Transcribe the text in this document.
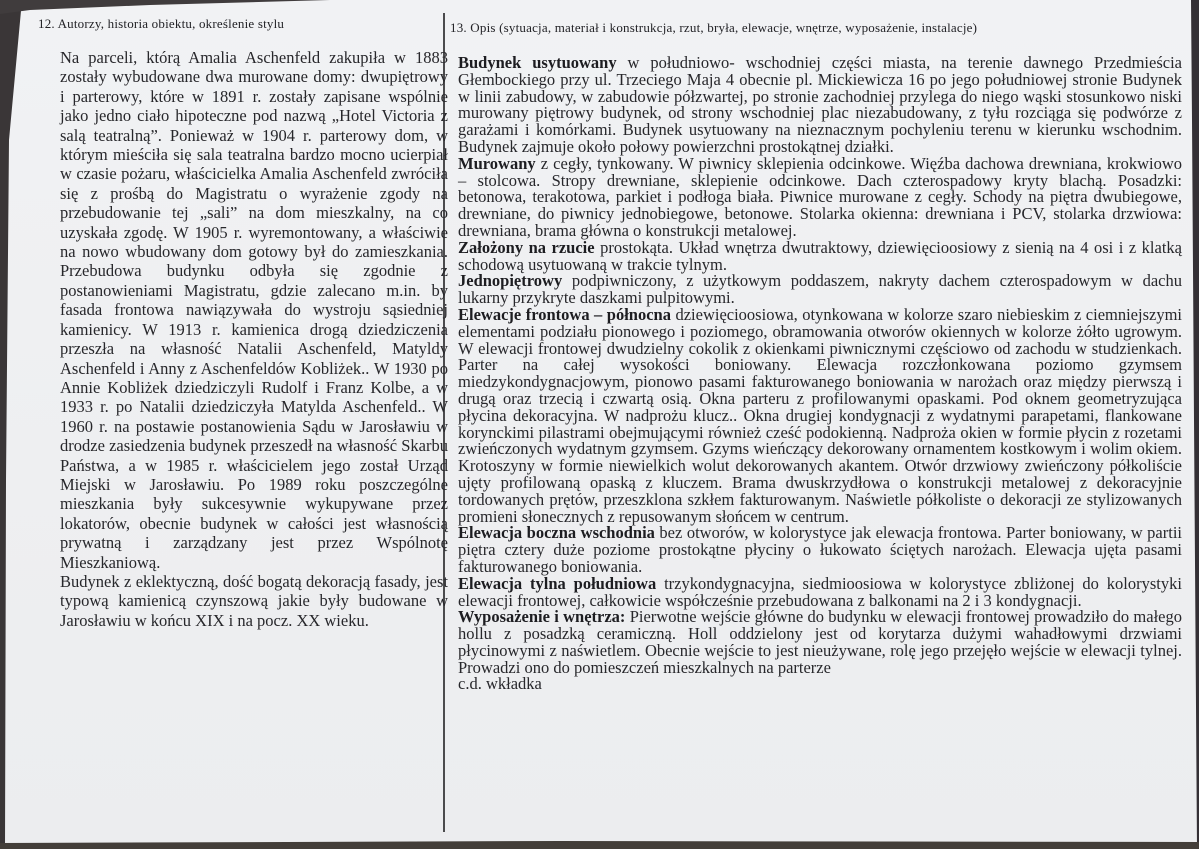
12. Autorzy, historia obiektu, określenie stylu

Na parceli, którą Amalia Aschenfeld zakupiła w 1883 zostały wybudowane dwa murowane domy: dwupiętrowy i parterowy, które w 1891 r. zostały zapisane wspólnie jako jedno ciało hipoteczne pod nazwą „Hotel Victoria z salą teatralną”. Ponieważ w 1904 r. parterowy dom, w którym mieściła się sala teatralna bardzo mocno ucierpiał w czasie pożaru, właścicielka Amalia Aschenfeld zwróciła się z prośbą do Magistratu o wyrażenie zgody na przebudowanie tej „sali” na dom mieszkalny, na co uzyskała zgodę. W 1905 r. wyremontowany, a właściwie na nowo wbudowany dom gotowy był do zamieszkania. Przebudowa budynku odbyła się zgodnie z postanowieniami Magistratu, gdzie zalecano m.in. by fasada frontowa nawiązywała do wystroju sąsiedniej kamienicy. W 1913 r. kamienica drogą dziedziczenia przeszła na własność Natalii Aschenfeld, Matyldy Aschenfeld i Anny z Aschenfeldów Kobliżek.. W 1930 po Annie Kobliżek dziedziczyli Rudolf i Franz Kolbe, a w 1933 r. po Natalii dziedziczyła Matylda Aschenfeld.. W 1960 r. na postawie postanowienia Sądu w Jarosławiu w drodze zasiedzenia budynek przeszedł na własność Skarbu Państwa, a w 1985 r. właścicielem jego został Urząd Miejski w Jarosławiu. Po 1989 roku poszczególne mieszkania były sukcesywnie wykupywane przez lokatorów, obecnie budynek w całości jest własnością prywatną i zarządzany jest przez Wspólnotę Mieszkaniową.

Budynek z eklektyczną, dość bogatą dekoracją fasady, jest typową kamienicą czynszową jakie były budowane w Jarosławiu w końcu XIX i na pocz. XX wieku.

13. Opis (sytuacja, materiał i konstrukcja, rzut, bryła, elewacje, wnętrze, wyposażenie, instalacje)

Budynek usytuowany w południowo- wschodniej części miasta, na terenie dawnego Przedmieścia Głembockiego przy ul. Trzeciego Maja 4 obecnie pl. Mickiewicza 16 po jego południowej stronie Budynek w linii zabudowy, w zabudowie półzwartej, po stronie zachodniej przylega do niego wąski stosunkowo niski murowany piętrowy budynek, od strony wschodniej plac niezabudowany, z tyłu rozciąga się podwórze z garażami i komórkami. Budynek usytuowany na nieznacznym pochyleniu terenu w kierunku wschodnim. Budynek zajmuje około połowy powierzchni prostokątnej działki.

Murowany z cegły, tynkowany. W piwnicy sklepienia odcinkowe. Więźba dachowa drewniana, krokwiowo – stolcowa. Stropy drewniane, sklepienie odcinkowe. Dach czterospadowy kryty blachą. Posadzki: betonowa, terakotowa, parkiet i podłoga biała. Piwnice murowane z cegły. Schody na piętra dwubiegowe, drewniane, do piwnicy jednobiegowe, betonowe. Stolarka okienna: drewniana i PCV, stolarka drzwiowa: drewniana, brama główna o konstrukcji metalowej.

Założony na rzucie prostokąta. Układ wnętrza dwutraktowy, dziewięcioosiowy z sienią na 4 osi i z klatką schodową usytuowaną w trakcie tylnym.

Jednopiętrowy podpiwniczony, z użytkowym poddaszem, nakryty dachem czterospadowym w dachu lukarny przykryte daszkami pulpitowymi.

Elewacje frontowa – północna dziewięcioosiowa, otynkowana w kolorze szaro niebieskim z ciemniejszymi elementami podziału pionowego i poziomego, obramowania otworów okiennych w kolorze żółto ugrowym. W elewacji frontowej dwudzielny cokolik z okienkami piwnicznymi częściowo od zachodu w studzienkach. Parter na całej wysokości boniowany. Elewacja rozczłonkowana poziomo gzymsem miedzykondygnacjowym, pionowo pasami fakturowanego boniowania w narożach oraz między pierwszą i drugą oraz trzecią i czwartą osią. Okna parteru z profilowanymi opaskami. Pod oknem geometryzująca płycina dekoracyjna. W nadprożu klucz.. Okna drugiej kondygnacji z wydatnymi parapetami, flankowane korynckimi pilastrami obejmującymi również cześć podokienną. Nadproża okien w formie płycin z rozetami zwieńczonych wydatnym gzymsem. Gzyms wieńczący dekorowany ornamentem kostkowym i wolim okiem. Krotoszyny w formie niewielkich wolut dekorowanych akantem. Otwór drzwiowy zwieńczony półkoliście ujęty profilowaną opaską z kluczem. Brama dwuskrzydłowa o konstrukcji metalowej z dekoracyjnie tordowanych prętów, przeszklona szkłem fakturowanym. Naświetle półkoliste o dekoracji ze stylizowanych promieni słonecznych z repusowanym słońcem w centrum.

Elewacja boczna wschodnia bez otworów, w kolorystyce jak elewacja frontowa. Parter boniowany, w partii piętra cztery duże poziome prostokątne płyciny o łukowato ściętych narożach. Elewacja ujęta pasami fakturowanego boniowania.

Elewacja tylna południowa trzykondygnacyjna, siedmioosiowa w kolorystyce zbliżonej do kolorystyki elewacji frontowej, całkowicie współcześnie przebudowana z balkonami na 2 i 3 kondygnacji.

Wyposażenie i wnętrza: Pierwotne wejście główne do budynku w elewacji frontowej prowadziło do małego hollu z posadzką ceramiczną. Holl oddzielony jest od korytarza dużymi wahadłowymi drzwiami płycinowymi z naświetlem. Obecnie wejście to jest nieużywane, rolę jego przejęło wejście w elewacji tylnej. Prowadzi ono do pomieszczeń mieszkalnych na parterze

c.d. wkładka
